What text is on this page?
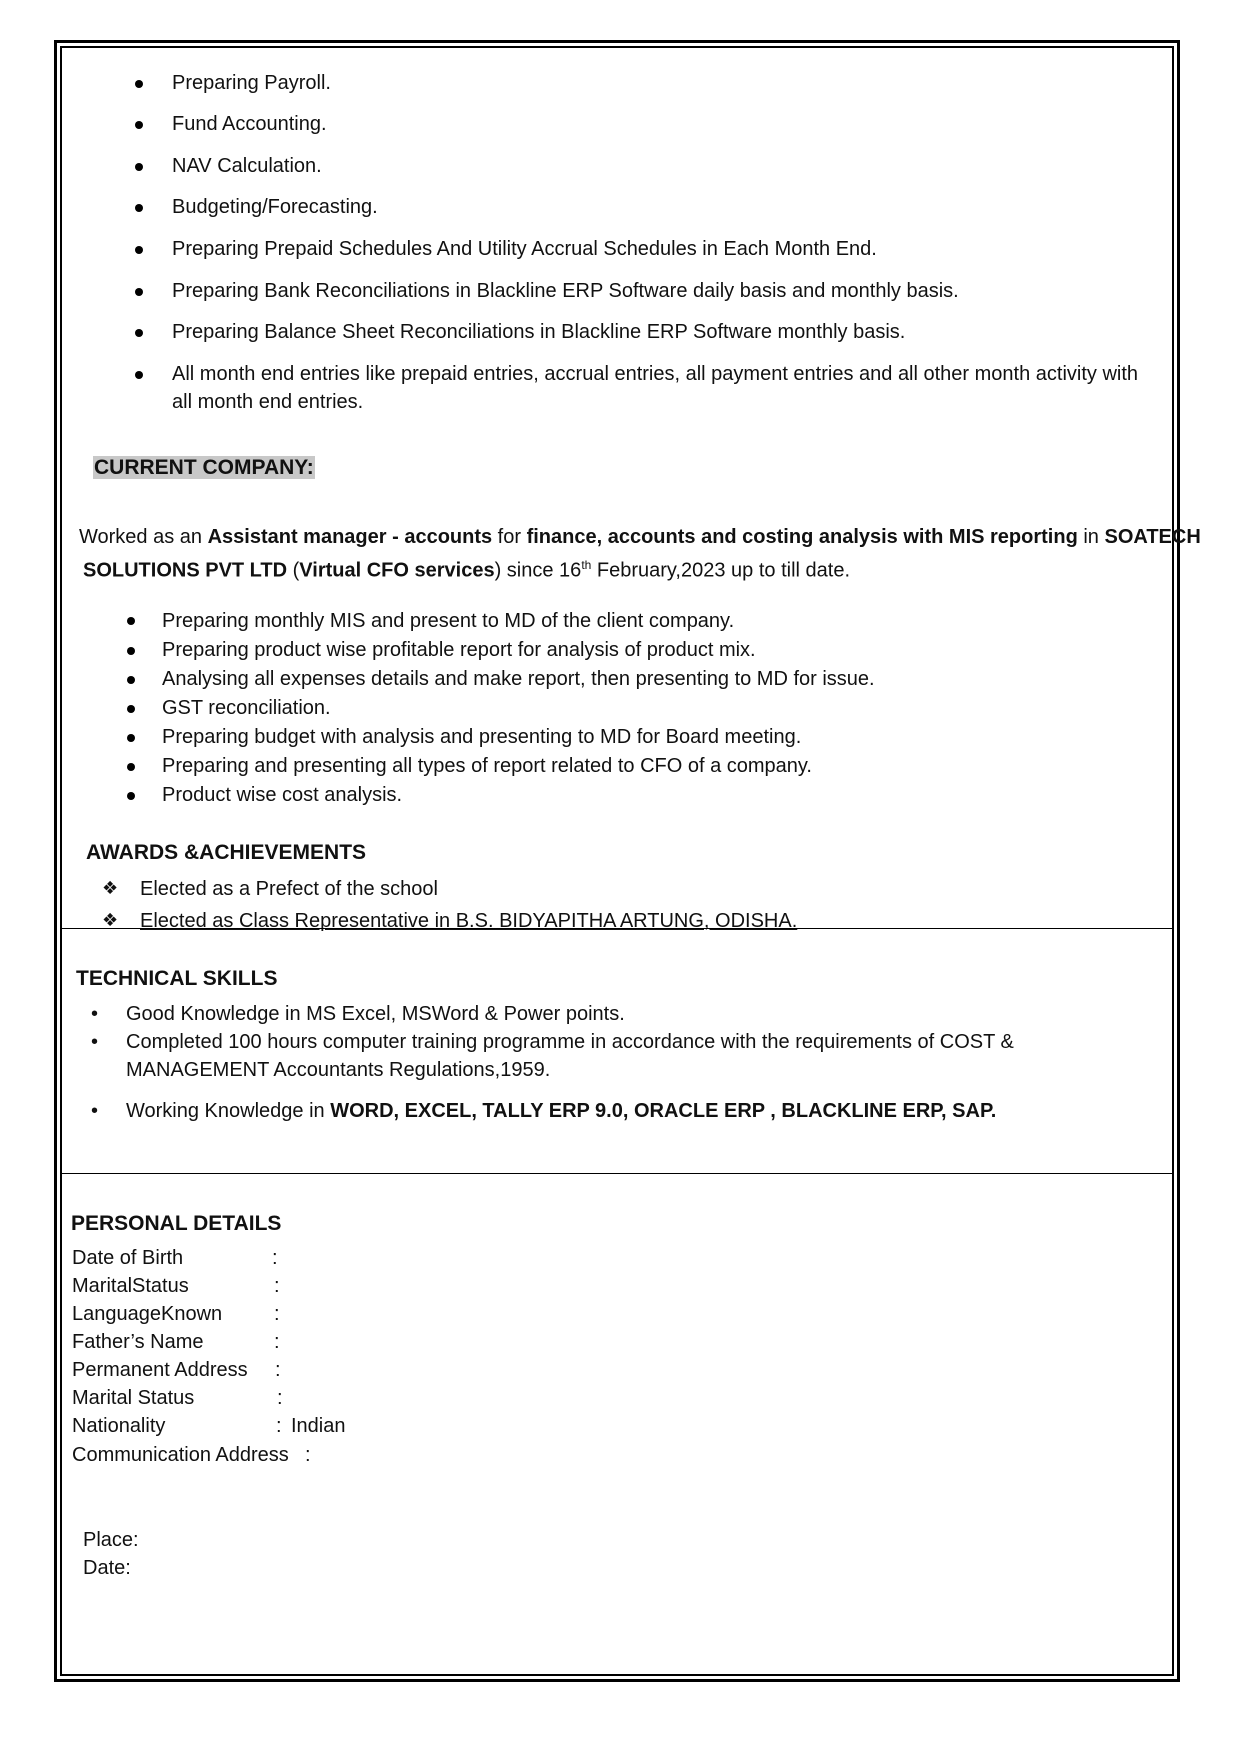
Preparing Payroll.
Fund Accounting.
NAV Calculation.
Budgeting/Forecasting.
Preparing Prepaid Schedules And Utility Accrual Schedules in Each Month End.
Preparing Bank Reconciliations in Blackline ERP Software daily basis and monthly basis.
Preparing Balance Sheet Reconciliations in Blackline ERP Software monthly basis.
All month end entries like prepaid entries, accrual entries, all payment entries and all other month activity with
all month end entries.
CURRENT COMPANY:
Worked as an Assistant manager - accounts for finance, accounts and costing analysis with MIS reporting in SOATECH
SOLUTIONS PVT LTD (Virtual CFO services) since 16th February,2023 up to till date.
Preparing monthly MIS and present to MD of the client company.
Preparing product wise profitable report for analysis of product mix.
Analysing all expenses details and make report, then presenting to MD for issue.
GST reconciliation.
Preparing budget with analysis and presenting to MD for Board meeting.
Preparing and presenting all types of report related to CFO of a company.
Product wise cost analysis.
AWARDS &ACHIEVEMENTS
❖ Elected as a Prefect of the school
❖ Elected as Class Representative in B.S. BIDYAPITHA ARTUNG, ODISHA.
TECHNICAL SKILLS
• Good Knowledge in MS Excel, MSWord & Power points.
• Completed 100 hours computer training programme in accordance with the requirements of COST &
MANAGEMENT Accountants Regulations,1959.
• Working Knowledge in WORD, EXCEL, TALLY ERP 9.0, ORACLE ERP , BLACKLINE ERP, SAP.
PERSONAL DETAILS
Date of Birth	:
MaritalStatus	:
LanguageKnown	:
Father’s Name	:
Permanent Address :
Marital Status	:
Nationality	: Indian
Communication Address :
Place:
Date:
